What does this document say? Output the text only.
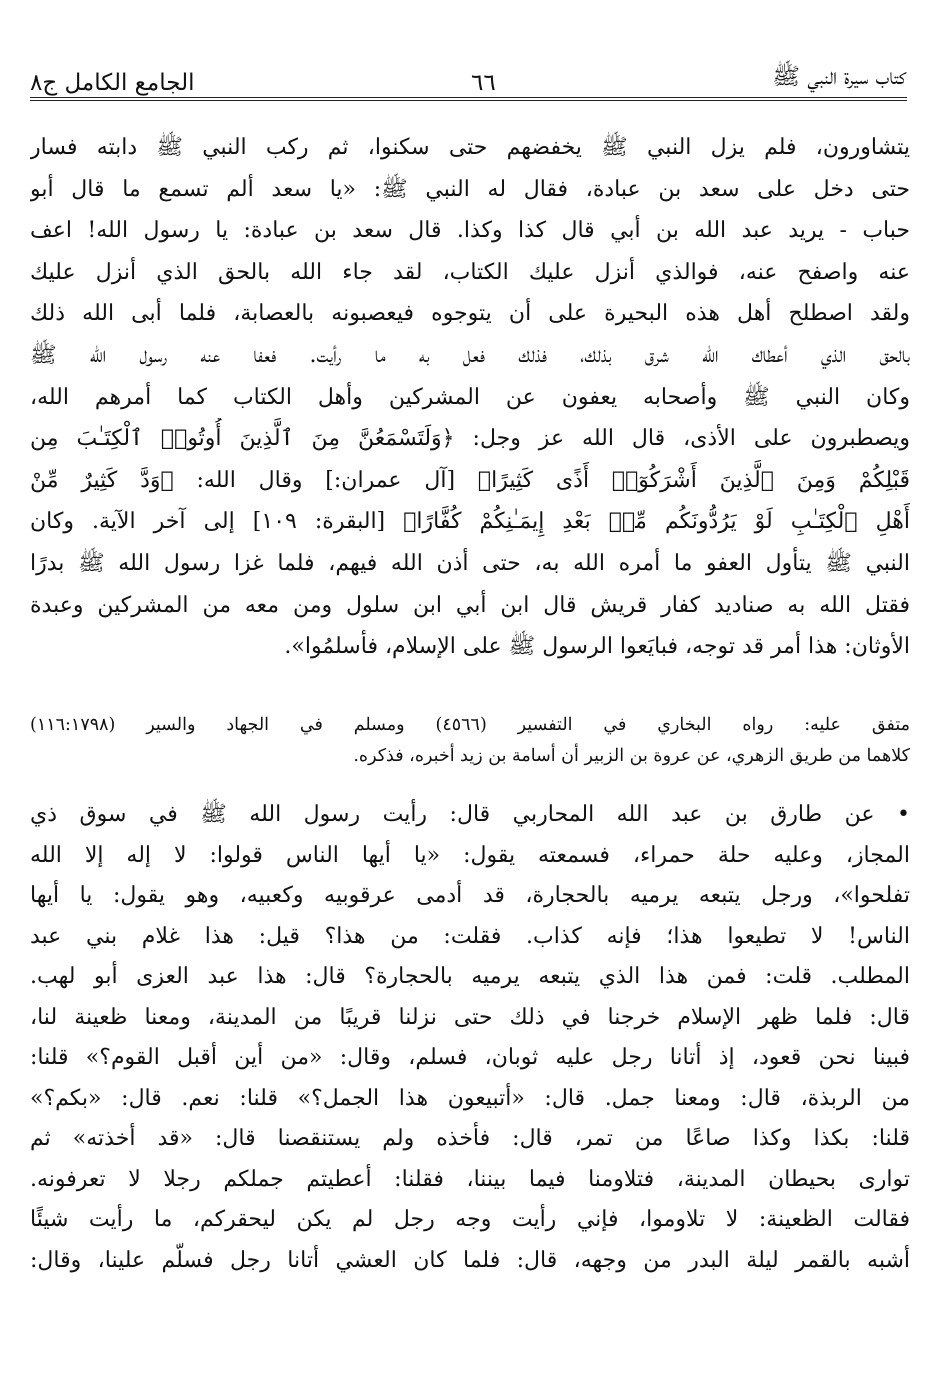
كتاب سيرة النبي ﷺ
٦٦
الجامع الكامل ج٨
يتشاورون، فلم يزل النبي ﷺ يخفضهم حتى سكنوا، ثم ركب النبي ﷺ دابته فسار
حتى دخل على سعد بن عبادة، فقال له النبي ﷺ: «يا سعد ألم تسمع ما قال أبو
حباب - يريد عبد الله بن أبي قال كذا وكذا. قال سعد بن عبادة: يا رسول الله! اعف
عنه واصفح عنه، فوالذي أنزل عليك الكتاب، لقد جاء الله بالحق الذي أنزل عليك
ولقد اصطلح أهل هذه البحيرة على أن يتوجوه فيعصبونه بالعصابة، فلما أبى الله ذلك
بالحق الذي أعطاك الله شرق بذلك، فذلك فعل به ما رأيت. فعفا عنه رسول الله ﷺ
وكان النبي ﷺ وأصحابه يعفون عن المشركين وأهل الكتاب كما أمرهم الله،
ويصطبرون على الأذى، قال الله عز وجل: ﴿وَلَتَسْمَعُنَّ مِنَ ٱلَّذِينَ أُوتُوا۟ ٱلْكِتَـٰبَ مِن
قَبْلِكُمْ وَمِنَ ٱلَّذِينَ أَشْرَكُوٓا۟ أَذًى كَثِيرًا﴾ [آل عمران:] وقال الله: ﴿وَدَّ كَثِيرٌ مِّنْ
أَهْلِ ٱلْكِتَـٰبِ لَوْ يَرُدُّونَكُم مِّنۢ بَعْدِ إِيمَـٰنِكُمْ كُفَّارًا﴾ [البقرة: ١٠٩] إلى آخر الآية. وكان
النبي ﷺ يتأول العفو ما أمره الله به، حتى أذن الله فيهم، فلما غزا رسول الله ﷺ بدرًا
فقتل الله به صناديد كفار قريش قال ابن أبي ابن سلول ومن معه من المشركين وعبدة
الأوثان: هذا أمر قد توجه، فبايَعوا الرسول ﷺ على الإسلام، فأسلمُوا».
متفق عليه: رواه البخاري في التفسير (٤٥٦٦) ومسلم في الجهاد والسير (١١٦:١٧٩٨)
كلاهما من طريق الزهري، عن عروة بن الزبير أن أسامة بن زيد أخبره، فذكره.
• عن طارق بن عبد الله المحاربي قال: رأيت رسول الله ﷺ في سوق ذي
المجاز، وعليه حلة حمراء، فسمعته يقول: «يا أيها الناس قولوا: لا إله إلا الله
تفلحوا»، ورجل يتبعه يرميه بالحجارة، قد أدمى عرقوبيه وكعبيه، وهو يقول: يا أيها
الناس! لا تطيعوا هذا؛ فإنه كذاب. فقلت: من هذا؟ قيل: هذا غلام بني عبد
المطلب. قلت: فمن هذا الذي يتبعه يرميه بالحجارة؟ قال: هذا عبد العزى أبو لهب.
قال: فلما ظهر الإسلام خرجنا في ذلك حتى نزلنا قريبًا من المدينة، ومعنا ظعينة لنا،
فبينا نحن قعود، إذ أتانا رجل عليه ثوبان، فسلم، وقال: «من أين أقبل القوم؟» قلنا:
من الربذة، قال: ومعنا جمل. قال: «أتبيعون هذا الجمل؟» قلنا: نعم. قال: «بكم؟»
قلنا: بكذا وكذا صاعًا من تمر، قال: فأخذه ولم يستنقصنا قال: «قد أخذته» ثم
توارى بحيطان المدينة، فتلاومنا فيما بيننا، فقلنا: أعطيتم جملكم رجلا لا تعرفونه.
فقالت الظعينة: لا تلاوموا، فإني رأيت وجه رجل لم يكن ليحقركم، ما رأيت شيئًا
أشبه بالقمر ليلة البدر من وجهه، قال: فلما كان العشي أتانا رجل فسلّم علينا، وقال:
